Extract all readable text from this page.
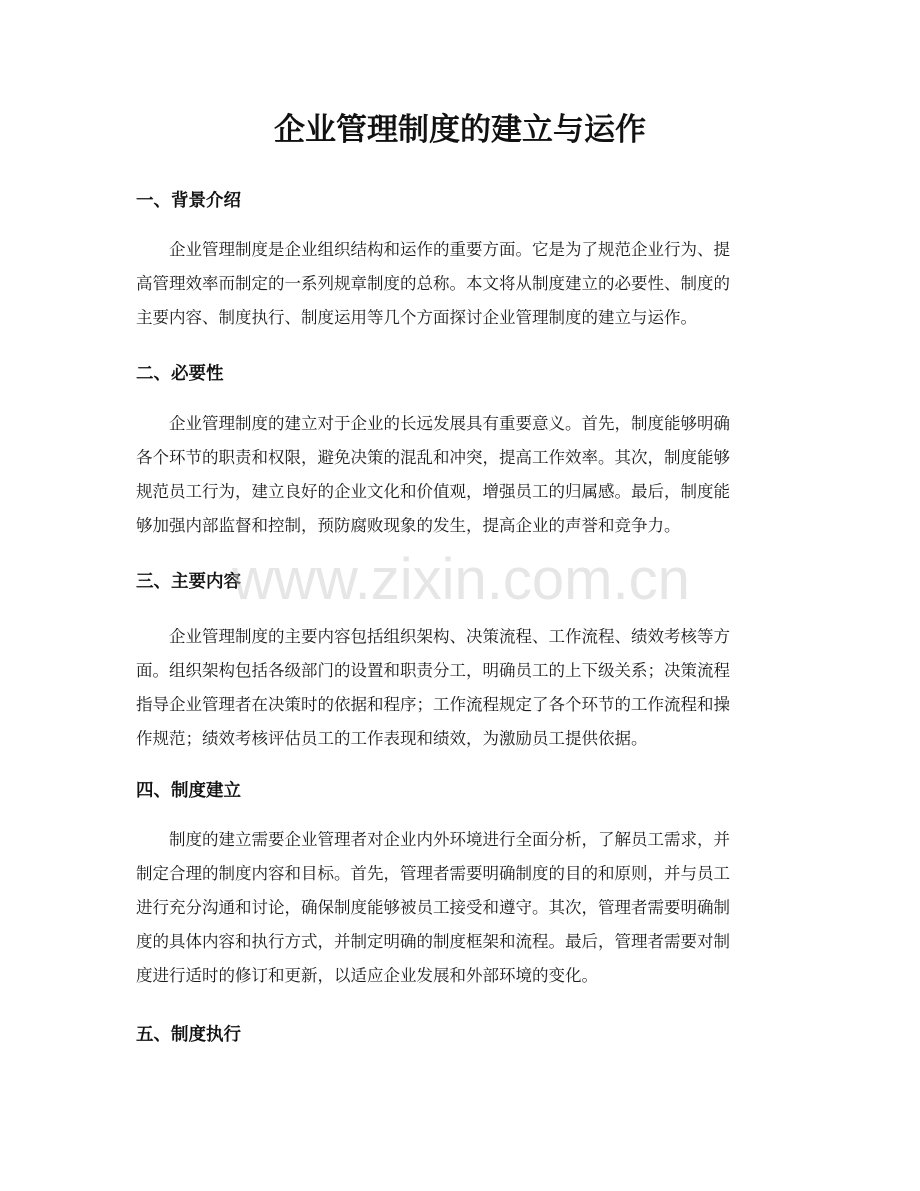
企业管理制度的建立与运作
一、背景介绍
企业管理制度是企业组织结构和运作的重要方面。它是为了规范企业行为、提
高管理效率而制定的一系列规章制度的总称。本文将从制度建立的必要性、制度的
主要内容、制度执行、制度运用等几个方面探讨企业管理制度的建立与运作。
二、必要性
企业管理制度的建立对于企业的长远发展具有重要意义。首先，制度能够明确
各个环节的职责和权限，避免决策的混乱和冲突，提高工作效率。其次，制度能够
规范员工行为，建立良好的企业文化和价值观，增强员工的归属感。最后，制度能
够加强内部监督和控制，预防腐败现象的发生，提高企业的声誉和竞争力。
三、主要内容
企业管理制度的主要内容包括组织架构、决策流程、工作流程、绩效考核等方
面。组织架构包括各级部门的设置和职责分工，明确员工的上下级关系；决策流程
指导企业管理者在决策时的依据和程序；工作流程规定了各个环节的工作流程和操
作规范；绩效考核评估员工的工作表现和绩效，为激励员工提供依据。
四、制度建立
制度的建立需要企业管理者对企业内外环境进行全面分析，了解员工需求，并
制定合理的制度内容和目标。首先，管理者需要明确制度的目的和原则，并与员工
进行充分沟通和讨论，确保制度能够被员工接受和遵守。其次，管理者需要明确制
度的具体内容和执行方式，并制定明确的制度框架和流程。最后，管理者需要对制
度进行适时的修订和更新，以适应企业发展和外部环境的变化。
五、制度执行
www.zixin.com.cn
